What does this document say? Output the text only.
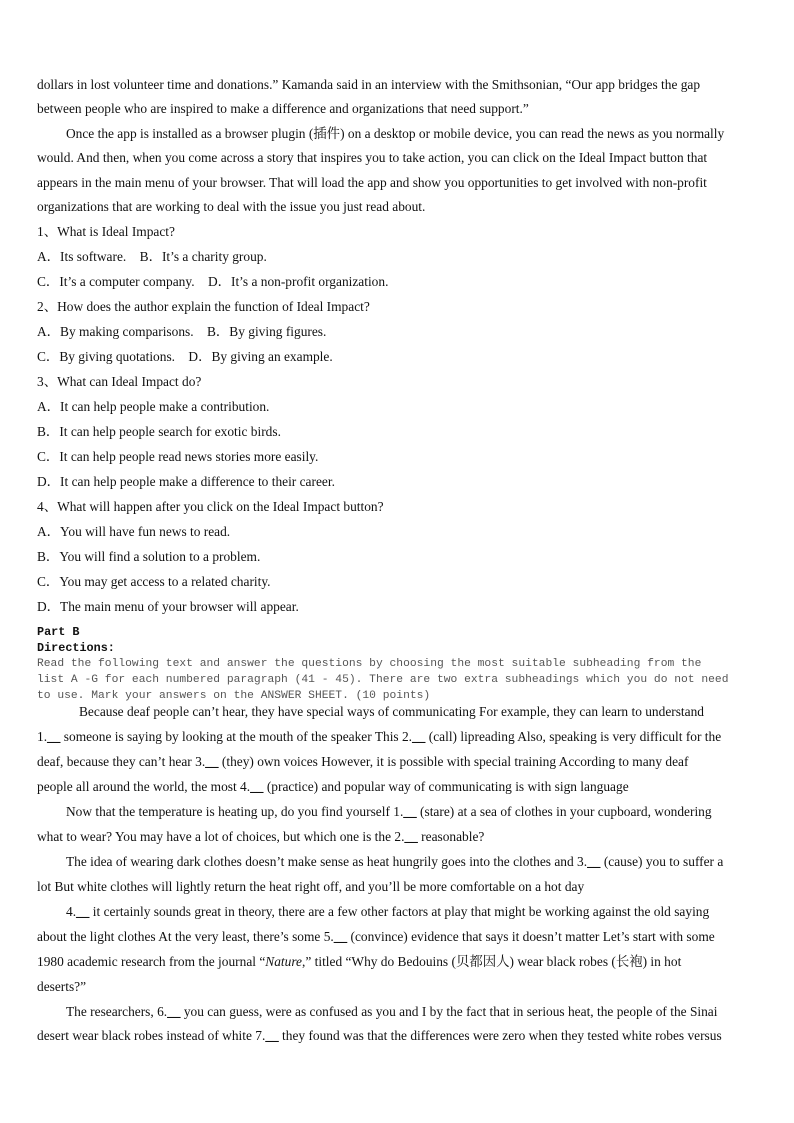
dollars in lost volunteer time and donations.” Kamanda said in an interview with the Smithsonian, “Our app bridges the gap
between people who are inspired to make a difference and organizations that need support.”
Once the app is installed as a browser plugin (插件) on a desktop or mobile device, you can read the news as you normally
would. And then, when you come across a story that inspires you to take action, you can click on the Ideal Impact button that
appears in the main menu of your browser. That will load the app and show you opportunities to get involved with non-profit
organizations that are working to deal with the issue you just read about.
1、What is Ideal Impact?
A．Its software.　B．It’s a charity group.
C．It’s a computer company.　D．It’s a non-profit organization.
2、How does the author explain the function of Ideal Impact?
A．By making comparisons.　B．By giving figures.
C．By giving quotations.　D．By giving an example.
3、What can Ideal Impact do?
A．It can help people make a contribution.
B．It can help people search for exotic birds.
C．It can help people read news stories more easily.
D．It can help people make a difference to their career.
4、What will happen after you click on the Ideal Impact button?
A．You will have fun news to read.
B．You will find a solution to a problem.
C．You may get access to a related charity.
D．The main menu of your browser will appear.
Part B
Directions:
Read the following text and answer the questions by choosing the most suitable subheading from the
list A -G for each numbered paragraph (41 - 45). There are two extra subheadings which you do not need
to use. Mark your answers on the ANSWER SHEET. (10 points)
Because deaf people can’t hear, they have special ways of communicating For example, they can learn to understand
1.__ someone is saying by looking at the mouth of the speaker This 2.__ (call) lipreading Also, speaking is very difficult for the
deaf, because they can’t hear 3.__ (they) own voices However, it is possible with special training According to many deaf
people all around the world, the most 4.__ (practice) and popular way of communicating is with sign language
Now that the temperature is heating up, do you find yourself 1.__ (stare) at a sea of clothes in your cupboard, wondering
what to wear? You may have a lot of choices, but which one is the 2.__ reasonable?
The idea of wearing dark clothes doesn’t make sense as heat hungrily goes into the clothes and 3.__ (cause) you to suffer a
lot But white clothes will lightly return the heat right off, and you’ll be more comfortable on a hot day
4.__ it certainly sounds great in theory, there are a few other factors at play that might be working against the old saying
about the light clothes At the very least, there’s some 5.__ (convince) evidence that says it doesn’t matter Let’s start with some
1980 academic research from the journal “Nature,” titled “Why do Bedouins (贝都因人) wear black robes (长袍) in hot
deserts?”
The researchers, 6.__ you can guess, were as confused as you and I by the fact that in serious heat, the people of the Sinai
desert wear black robes instead of white 7.__ they found was that the differences were zero when they tested white robes versus
